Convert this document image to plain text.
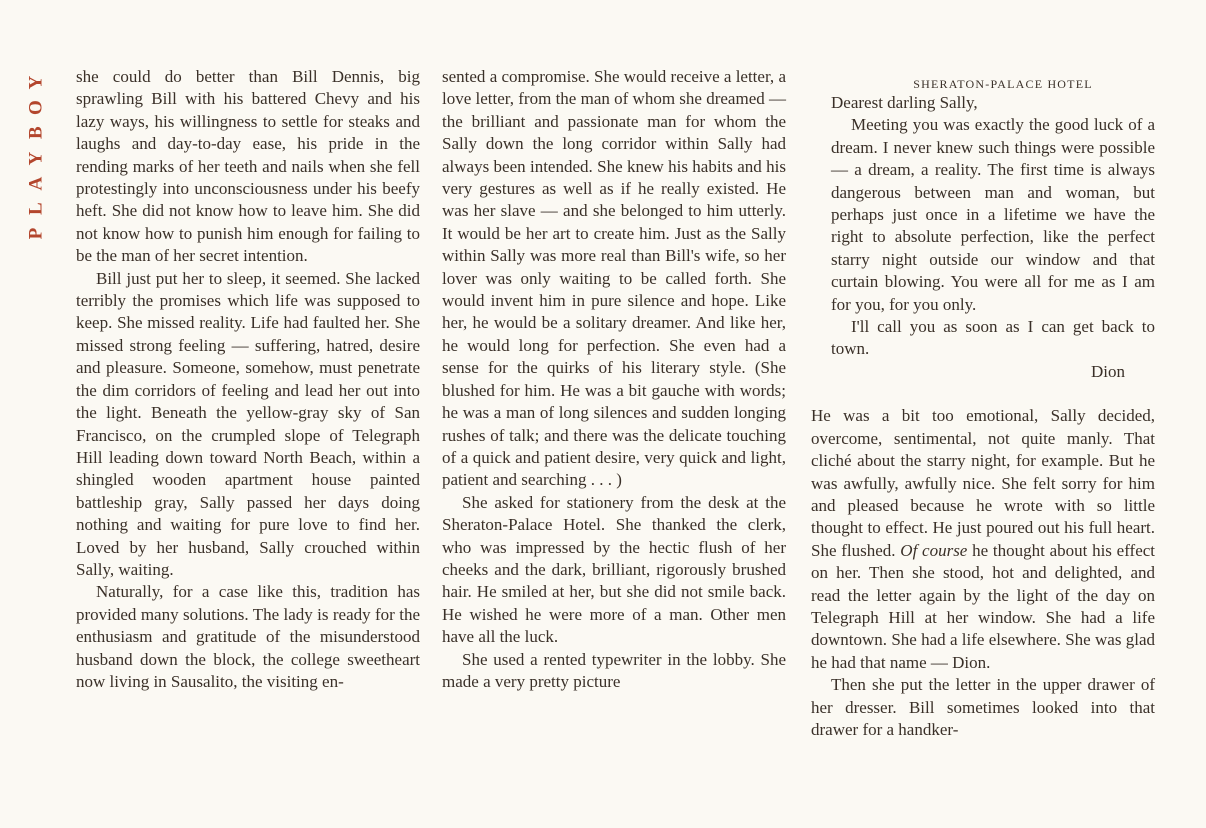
Y
O
B
Y
A
L
P

she could do better than Bill Dennis, big sprawling Bill with his battered Chevy and his lazy ways, his willingness to settle for steaks and laughs and day-to-day ease, his pride in the rending marks of her teeth and nails when she fell protestingly into unconsciousness under his beefy heft. She did not know how to leave him. She did not know how to punish him enough for failing to be the man of her secret intention.

Bill just put her to sleep, it seemed. She lacked terribly the promises which life was supposed to keep. She missed reality. Life had faulted her. She missed strong feeling — suffering, hatred, desire and pleasure. Someone, somehow, must penetrate the dim corridors of feeling and lead her out into the light. Beneath the yellow-gray sky of San Francisco, on the crumpled slope of Telegraph Hill leading down toward North Beach, within a shingled wooden apartment house painted battleship gray, Sally passed her days doing nothing and waiting for pure love to find her. Loved by her husband, Sally crouched within Sally, waiting.

Naturally, for a case like this, tradition has provided many solutions. The lady is ready for the enthusiasm and gratitude of the misunderstood husband down the block, the college sweetheart now living in Sausalito, the visiting en-

sented a compromise. She would receive a letter, a love letter, from the man of whom she dreamed — the brilliant and passionate man for whom the Sally down the long corridor within Sally had always been intended. She knew his habits and his very gestures as well as if he really existed. He was her slave — and she belonged to him utterly. It would be her art to create him. Just as the Sally within Sally was more real than Bill's wife, so her lover was only waiting to be called forth. She would invent him in pure silence and hope. Like her, he would be a solitary dreamer. And like her, he would long for perfection. She even had a sense for the quirks of his literary style. (She blushed for him. He was a bit gauche with words; he was a man of long silences and sudden longing rushes of talk; and there was the delicate touching of a quick and patient desire, very quick and light, patient and searching . . . )

She asked for stationery from the desk at the Sheraton-Palace Hotel. She thanked the clerk, who was impressed by the hectic flush of her cheeks and the dark, brilliant, rigorously brushed hair. He smiled at her, but she did not smile back. He wished he were more of a man. Other men have all the luck.

She used a rented typewriter in the lobby. She made a very pretty picture

SHERATON-PALACE HOTEL

Dearest darling Sally,

Meeting you was exactly the good luck of a dream. I never knew such things were possible — a dream, a reality. The first time is always dangerous between man and woman, but perhaps just once in a lifetime we have the right to absolute perfection, like the perfect starry night outside our window and that curtain blowing. You were all for me as I am for you, for you only.

I'll call you as soon as I can get back to town.

Dion

He was a bit too emotional, Sally decided, overcome, sentimental, not quite manly. That cliché about the starry night, for example. But he was awfully, awfully nice. She felt sorry for him and pleased because he wrote with so little thought to effect. He just poured out his full heart. She flushed. Of course he thought about his effect on her. Then she stood, hot and delighted, and read the letter again by the light of the day on Telegraph Hill at her window. She had a life downtown. She had a life elsewhere. She was glad he had that name — Dion.

Then she put the letter in the upper drawer of her dresser. Bill sometimes looked into that drawer for a handker-
